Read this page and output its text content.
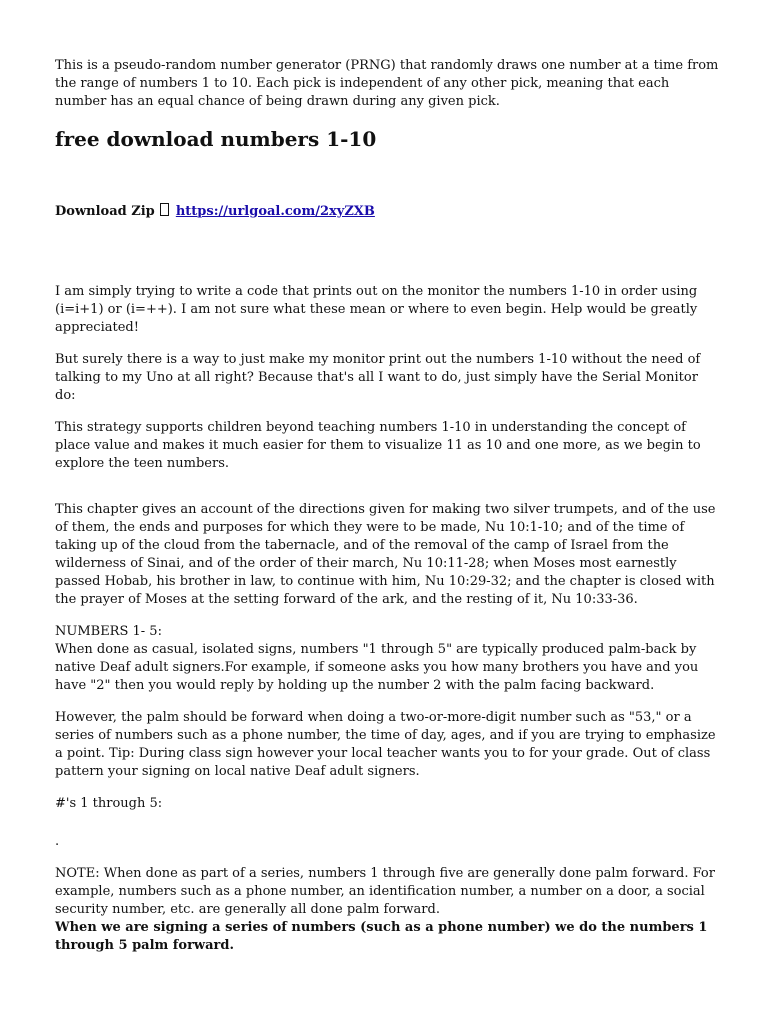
This is a pseudo-random number generator (PRNG) that randomly draws one number at a time from the range of numbers 1 to 10. Each pick is independent of any other pick, meaning that each number has an equal chance of being drawn during any given pick.

free download numbers 1-10
Download Zip https://urlgoal.com/2xyZXB

I am simply trying to write a code that prints out on the monitor the numbers 1-10 in order using (i=i+1) or (i=++). I am not sure what these mean or where to even begin. Help would be greatly appreciated!

But surely there is a way to just make my monitor print out the numbers 1-10 without the need of talking to my Uno at all right? Because that's all I want to do, just simply have the Serial Monitor do:

This strategy supports children beyond teaching numbers 1-10 in understanding the concept of place value and makes it much easier for them to visualize 11 as 10 and one more, as we begin to explore the teen numbers.

This chapter gives an account of the directions given for making two silver trumpets, and of the use of them, the ends and purposes for which they were to be made, Nu 10:1-10; and of the time of taking up of the cloud from the tabernacle, and of the removal of the camp of Israel from the wilderness of Sinai, and of the order of their march, Nu 10:11-28; when Moses most earnestly passed Hobab, his brother in law, to continue with him, Nu 10:29-32; and the chapter is closed with the prayer of Moses at the setting forward of the ark, and the resting of it, Nu 10:33-36.

NUMBERS 1- 5:

When done as casual, isolated signs, numbers "1 through 5" are typically produced palm-back by native Deaf adult signers.For example, if someone asks you how many brothers you have and you have "2" then you would reply by holding up the number 2 with the palm facing backward.

However, the palm should be forward when doing a two-or-more-digit number such as "53," or a series of numbers such as a phone number, the time of day, ages, and if you are trying to emphasize a point. Tip: During class sign however your local teacher wants you to for your grade. Out of class pattern your signing on local native Deaf adult signers.

#'s 1 through 5:

.

NOTE: When done as part of a series, numbers 1 through five are generally done palm forward. For example, numbers such as a phone number, an identification number, a number on a door, a social security number, etc. are generally all done palm forward.

When we are signing a series of numbers (such as a phone number) we do the numbers 1 through 5 palm forward.
